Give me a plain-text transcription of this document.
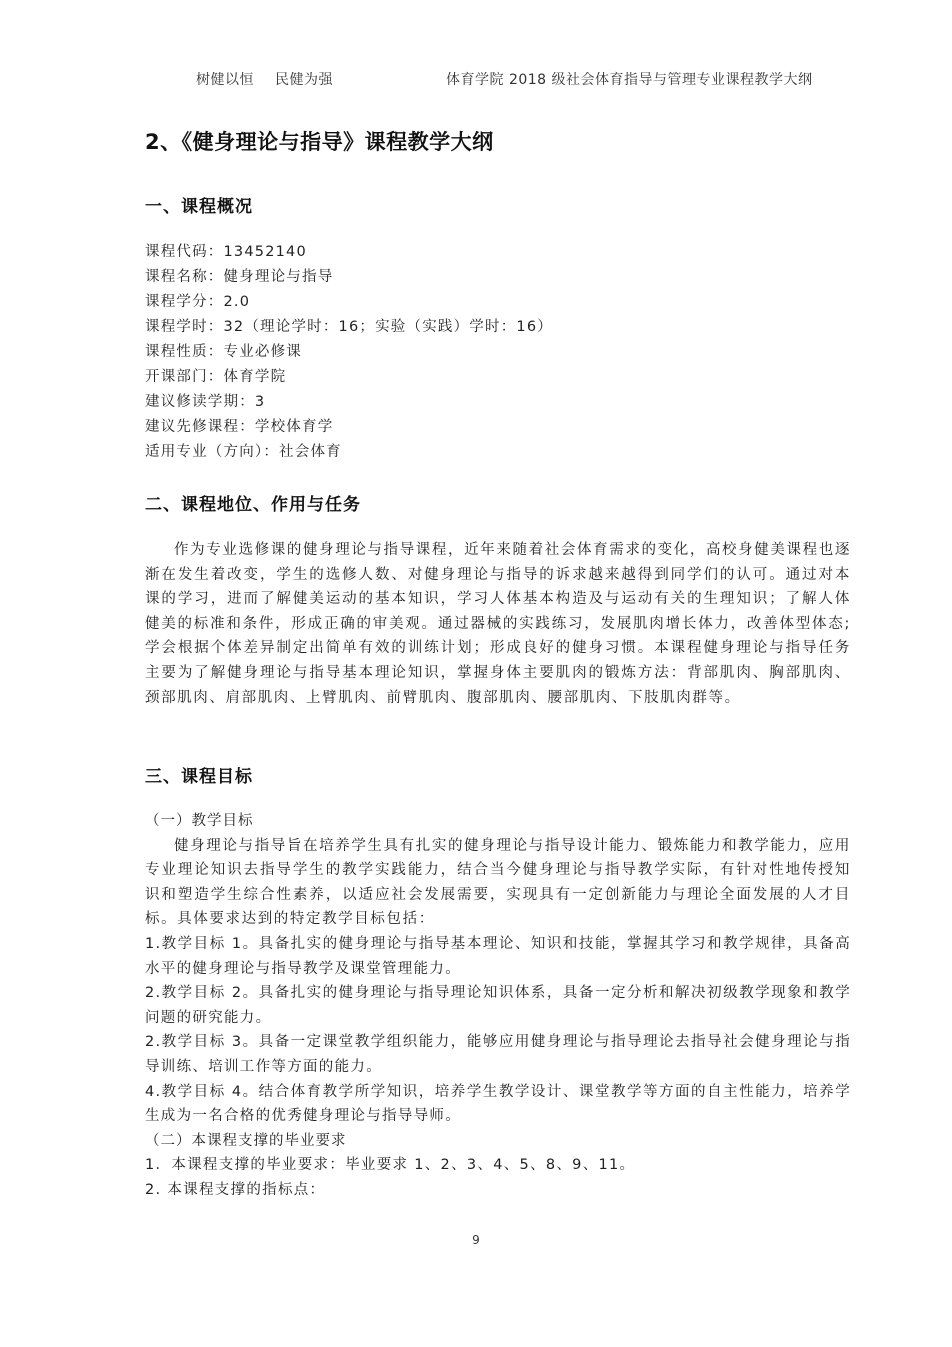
树健以恒 民健为强	体育学院 2018 级社会体育指导与管理专业课程教学大纲
2、《健身理论与指导》课程教学大纲
一、课程概况
课程代码：13452140
课程名称：健身理论与指导
课程学分：2.0
课程学时：32（理论学时：16；实验（实践）学时：16）
课程性质：专业必修课
开课部门：体育学院
建议修读学期：3
建议先修课程：学校体育学
适用专业（方向）：社会体育
二、课程地位、作用与任务

作为专业选修课的健身理论与指导课程，近年来随着社会体育需求的变化，高校身健美课程也逐渐在发生着改变，学生的选修人数、对健身理论与指导的诉求越来越得到同学们的认可。通过对本课的学习，进而了解健美运动的基本知识，学习人体基本构造及与运动有关的生理知识；了解人体健美的标准和条件，形成正确的审美观。通过器械的实践练习，发展肌肉增长体力，改善体型体态;学会根据个体差异制定出简单有效的训练计划；形成良好的健身习惯。本课程健身理论与指导任务主要为了解健身理论与指导基本理论知识，掌握身体主要肌肉的锻炼方法：背部肌肉、胸部肌肉、颈部肌肉、肩部肌肉、上臂肌肉、前臂肌肉、腹部肌肉、腰部肌肉、下肢肌肉群等。

三、课程目标

（一）教学目标

健身理论与指导旨在培养学生具有扎实的健身理论与指导设计能力、锻炼能力和教学能力，应用专业理论知识去指导学生的教学实践能力，结合当今健身理论与指导教学实际，有针对性地传授知识和塑造学生综合性素养，以适应社会发展需要，实现具有一定创新能力与理论全面发展的人才目标。具体要求达到的特定教学目标包括：

1.教学目标 1。具备扎实的健身理论与指导基本理论、知识和技能，掌握其学习和教学规律，具备高水平的健身理论与指导教学及课堂管理能力。

2.教学目标 2。具备扎实的健身理论与指导理论知识体系，具备一定分析和解决初级教学现象和教学问题的研究能力。

2.教学目标 3。具备一定课堂教学组织能力，能够应用健身理论与指导理论去指导社会健身理论与指导训练、培训工作等方面的能力。

4.教学目标 4。结合体育教学所学知识，培养学生教学设计、课堂教学等方面的自主性能力，培养学生成为一名合格的优秀健身理论与指导导师。

（二）本课程支撑的毕业要求

1．本课程支撑的毕业要求：毕业要求 1、2、3、4、5、8、9、11。

2. 本课程支撑的指标点：

9
